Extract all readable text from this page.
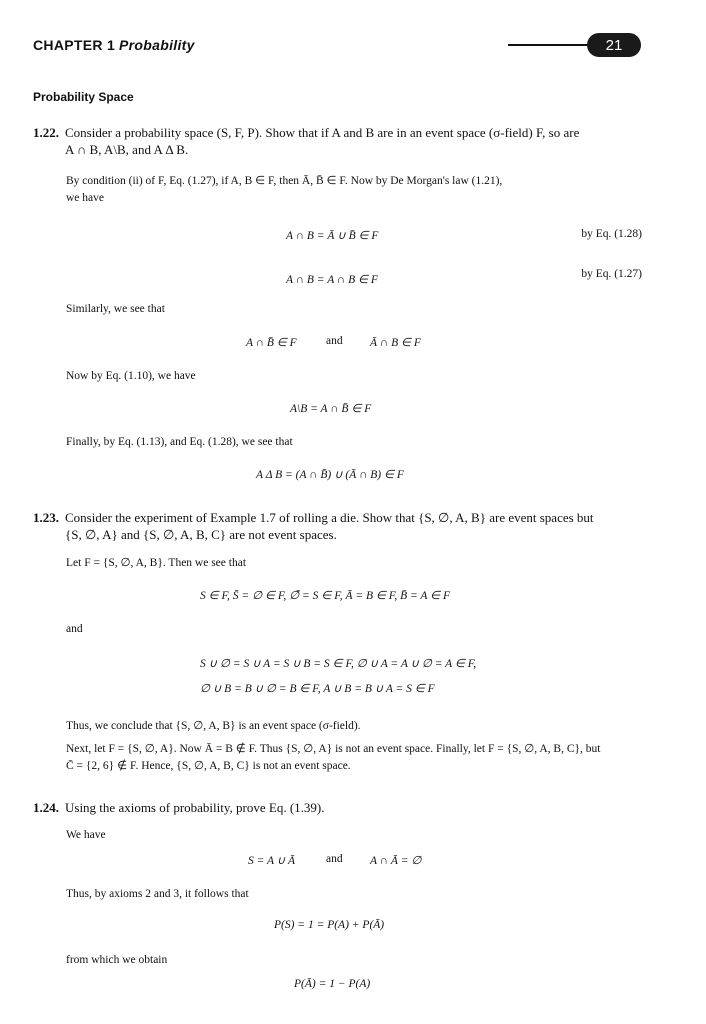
CHAPTER 1 Probability	21
Probability Space
1.22. Consider a probability space (S, F, P). Show that if A and B are in an event space (σ-field) F, so are
A ∩ B, A\B, and A Δ B.
By condition (ii) of F, Eq. (1.27), if A, B ∈ F, then Ā, B̄ ∈ F. Now by De Morgan's law (1.21),
we have
A ∩ B = Ā ∪ B̄ ∈ F	by Eq. (1.28)
A ∩ B = A ∩ B ∈ F	by Eq. (1.27)
Similarly, we see that
A ∩ B̄ ∈ F	and Ā ∩ B ∈ F
Now by Eq. (1.10), we have
A\B = A ∩ B̄ ∈ F
Finally, by Eq. (1.13), and Eq. (1.28), we see that
A Δ B = (A ∩ B̄) ∪ (Ā ∩ B) ∈ F
1.23. Consider the experiment of Example 1.7 of rolling a die. Show that {S, ∅, A, B} are event spaces but
{S, ∅, A} and {S, ∅, A, B, C} are not event spaces.
Let F = {S, ∅, A, B}. Then we see that
S ∈ F, S̄ = ∅ ∈ F, ∅̄ = S ∈ F, Ā = B ∈ F, B̄ = A ∈ F
and
S ∪ ∅ = S ∪ A = S ∪ B = S ∈ F, ∅ ∪ A = A ∪ ∅ = A ∈ F,
∅ ∪ B = B ∪ ∅ = B ∈ F, A ∪ B = B ∪ A = S ∈ F
Thus, we conclude that {S, ∅, A, B} is an event space (σ-field).
Next, let F = {S, ∅, A}. Now Ā = B ∉ F. Thus {S, ∅, A} is not an event space. Finally, let F = {S, ∅, A, B, C}, but
C̄ = {2, 6} ∉ F. Hence, {S, ∅, A, B, C} is not an event space.
1.24. Using the axioms of probability, prove Eq. (1.39).
We have
S = A ∪ Ā	and A ∩ Ā = ∅
Thus, by axioms 2 and 3, it follows that
P(S) = 1 = P(A) + P(Ā)
from which we obtain
P(Ā) = 1 − P(A)
